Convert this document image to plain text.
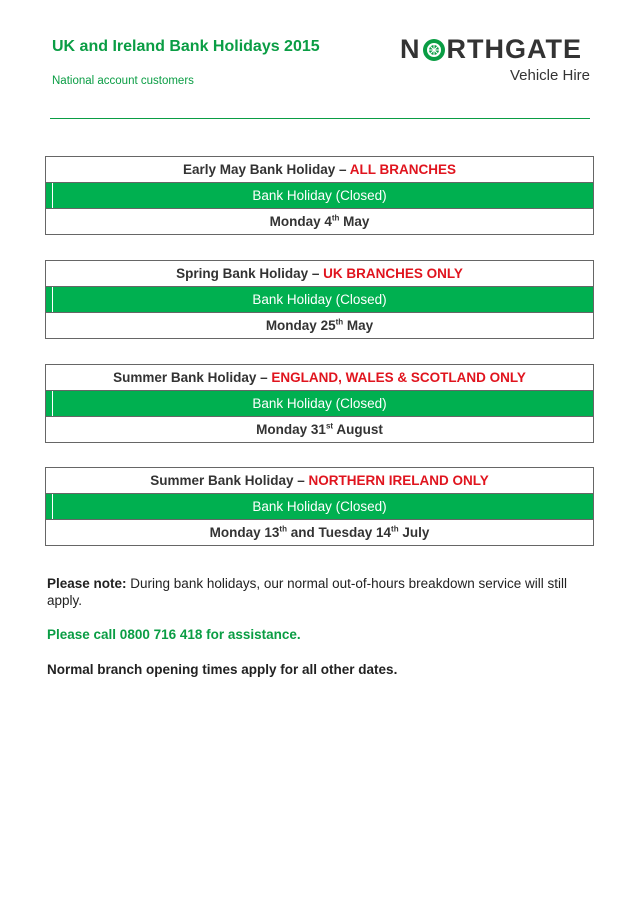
UK and Ireland Bank Holidays 2015
National account customers
N RTHGATE
Vehicle Hire
Early May Bank Holiday – ALL BRANCHES
Bank Holiday (Closed)
Monday 4th May
Spring Bank Holiday – UK BRANCHES ONLY
Bank Holiday (Closed)
Monday 25th May
Summer Bank Holiday – ENGLAND, WALES & SCOTLAND ONLY
Bank Holiday (Closed)
Monday 31st August
Summer Bank Holiday – NORTHERN IRELAND ONLY
Bank Holiday (Closed)
Monday 13th and Tuesday 14th July
Please note: During bank holidays, our normal out-of-hours breakdown service will still apply.
Please call 0800 716 418 for assistance.
Normal branch opening times apply for all other dates.
